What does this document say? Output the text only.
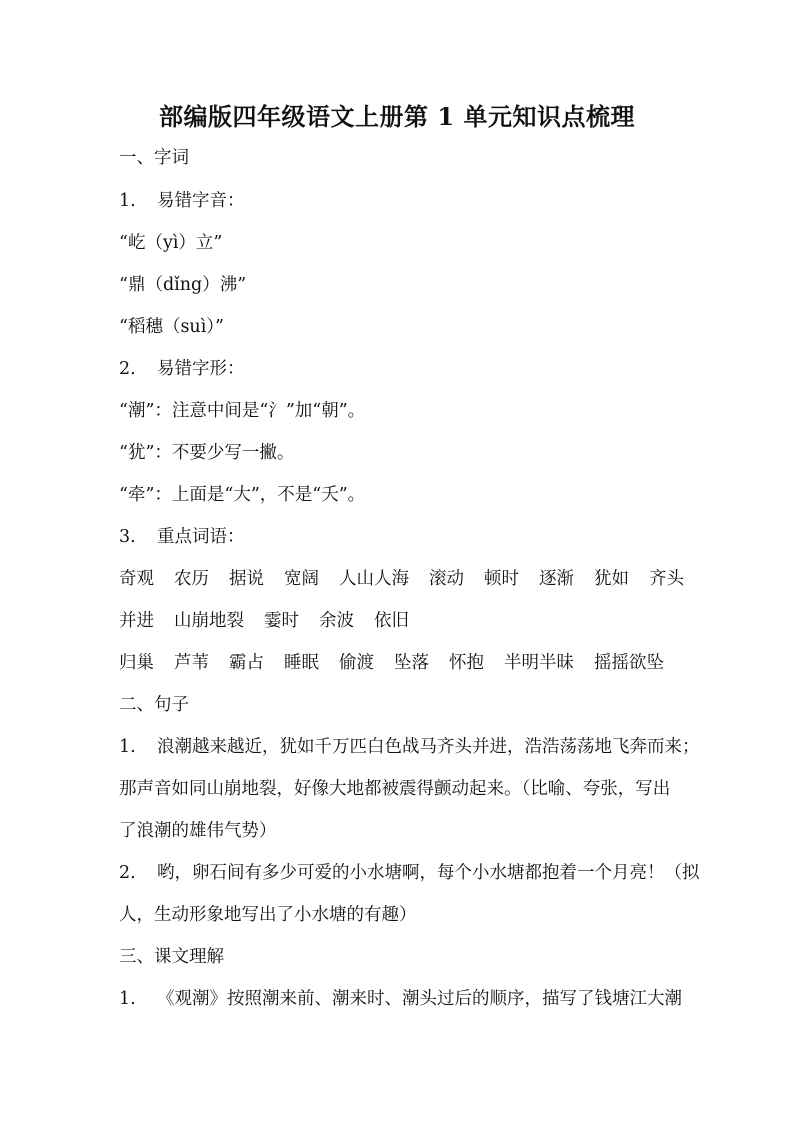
部编版四年级语文上册第 1 单元知识点梳理
一、字词
1. 易错字音：
“屹（yì）立”
“鼎（dǐng）沸”
“稻穗（suì）”
2. 易错字形：
“潮”：注意中间是“氵”加“朝”。
“犹”：不要少写一撇。
“牵”：上面是“大”，不是“夭”。
3. 重点词语：
奇观 农历 据说 宽阔 人山人海 滚动 顿时 逐渐 犹如 齐头
并进 山崩地裂 霎时 余波 依旧
归巢 芦苇 霸占 睡眠 偷渡 坠落 怀抱 半明半昧 摇摇欲坠
二、句子
1. 浪潮越来越近，犹如千万匹白色战马齐头并进，浩浩荡荡地飞奔而来；
那声音如同山崩地裂，好像大地都被震得颤动起来。（比喻、夸张，写出
了浪潮的雄伟气势）
2. 哟，卵石间有多少可爱的小水塘啊，每个小水塘都抱着一个月亮！（拟
人，生动形象地写出了小水塘的有趣）
三、课文理解
1. 《观潮》按照潮来前、潮来时、潮头过后的顺序，描写了钱塘江大潮
